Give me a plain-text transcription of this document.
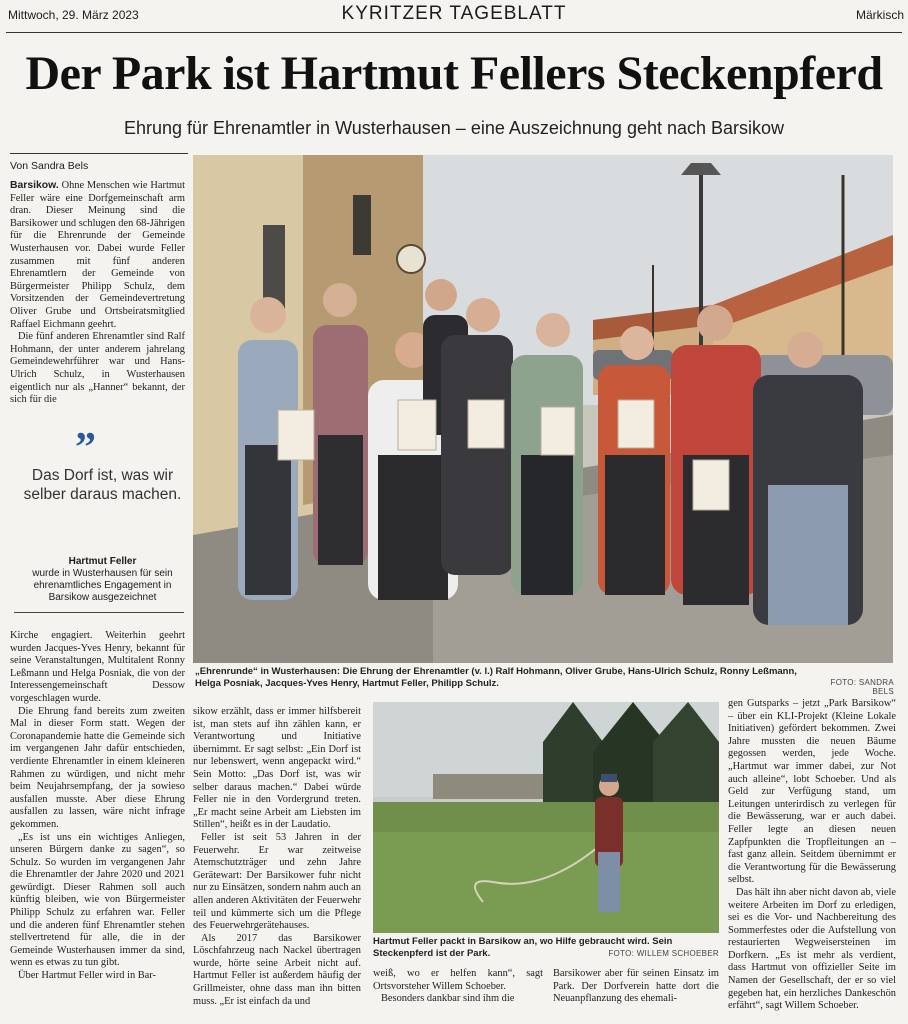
Mittwoch, 29. März 2023	KYRITZER TAGEBLATT	Märkisch
Der Park ist Hartmut Fellers Steckenpferd
Ehrung für Ehrenamtler in Wusterhausen – eine Auszeichnung geht nach Barsikow
Von Sandra Bels

Barsikow. Ohne Menschen wie Hartmut Feller wäre eine Dorfgemeinschaft arm dran. Dieser Meinung sind die Barsikower und schlugen den 68-Jährigen für die Ehrenrunde der Gemeinde Wusterhausen vor. Dabei wurde Feller zusammen mit fünf anderen Ehrenamtlern der Gemeinde von Bürgermeister Philipp Schulz, dem Vorsitzenden der Gemeindevertretung Oliver Grube und Ortsbeiratsmitglied Raffael Eichmann geehrt.

Die fünf anderen Ehrenamtler sind Ralf Hohmann, der unter anderem jahrelang Gemeindewehrführer war und Hans-Ulrich Schulz, in Wusterhausen eigentlich nur als „Hanner“ bekannt, der sich für die

”
Das Dorf ist, was wir selber daraus machen.
Hartmut Feller
wurde in Wusterhausen für sein ehrenamtliches Engagement in Barsikow ausgezeichnet

Kirche engagiert. Weiterhin geehrt wurden Jacques-Yves Henry, bekannt für seine Veranstaltungen, Multitalent Ronny Leßmann und Helga Posniak, die von der Interessengemeinschaft Dessow vorgeschlagen wurde.

Die Ehrung fand bereits zum zweiten Mal in dieser Form statt. Wegen der Coronapandemie hatte die Gemeinde sich im vergangenen Jahr dafür entschieden, verdiente Ehrenamtler in einem kleineren Rahmen zu würdigen, und nicht mehr beim Neujahrsempfang, der ja sowieso ausfallen musste. Aber diese Ehrung ausfallen zu lassen, wäre nicht infrage gekommen.

„Es ist uns ein wichtiges Anliegen, unseren Bürgern danke zu sagen“, so Schulz. So wurden im vergangenen Jahr die Ehrenamtler der Jahre 2020 und 2021 gewürdigt. Dieser Rahmen soll auch künftig bleiben, wie von Bürgermeister Philipp Schulz zu erfahren war. Feller und die anderen fünf Ehrenamtler stehen stellvertretend für alle, die in der Gemeinde Wusterhausen immer da sind, wenn es etwas zu tun gibt.

Über Hartmut Feller wird in Bar-

„Ehrenrunde“ in Wusterhausen: Die Ehrung der Ehrenamtler (v. l.) Ralf Hohmann, Oliver Grube, Hans-Ulrich Schulz, Ronny Leßmann, Helga Posniak, Jacques-Yves Henry, Hartmut Feller, Philipp Schulz.	FOTO: SANDRA BELS

sikow erzählt, dass er immer hilfsbereit ist, man stets auf ihn zählen kann, er Verantwortung und Initiative übernimmt. Er sagt selbst: „Ein Dorf ist nur lebenswert, wenn angepackt wird.“ Sein Motto: „Das Dorf ist, was wir selber daraus machen.“ Dabei würde Feller nie in den Vordergrund treten. „Er macht seine Arbeit am Liebsten im Stillen“, heißt es in der Laudatio.

Feller ist seit 53 Jahren in der Feuerwehr. Er war zeitweise Atemschutzträger und zehn Jahre Gerätewart: Der Barsikower fuhr nicht nur zu Einsätzen, sondern nahm auch an allen anderen Aktivitäten der Feuerwehr teil und kümmerte sich um die Pflege des Feuerwehrgerätehauses.

Als 2017 das Barsikower Löschfahrzeug nach Nackel übertragen wurde, hörte seine Arbeit nicht auf. Hartmut Feller ist außerdem häufig der Grillmeister, ohne dass man ihn bitten muss. „Er ist einfach da und

Hartmut Feller packt in Barsikow an, wo Hilfe gebraucht wird. Sein Steckenpferd ist der Park.	FOTO: WILLEM SCHOEBER

weiß, wo er helfen kann“, sagt Ortsvorsteher Willem Schoeber.

Besonders dankbar sind ihm die

Barsikower aber für seinen Einsatz im Park. Der Dorfverein hatte dort die Neuanpflanzung des ehemali-

gen Gutsparks – jetzt „Park Barsikow“ – über ein KLI-Projekt (Kleine Lokale Initiativen) gefördert bekommen. Zwei Jahre mussten die neuen Bäume gegossen werden, jede Woche. „Hartmut war immer dabei, zur Not auch alleine“, lobt Schoeber. Und als Geld zur Verfügung stand, um Leitungen unterirdisch zu verlegen für die Bewässerung, war er auch dabei. Feller legte an diesen neuen Zapfpunkten die Tropfleitungen an – fast ganz allein. Seitdem übernimmt er die Verantwortung für die Bewässerung selbst.

Das hält ihn aber nicht davon ab, viele weitere Arbeiten im Dorf zu erledigen, sei es die Vor- und Nachbereitung des Sommerfestes oder die Aufstellung von restaurierten Wegweisersteinen im Dorfkern. „Es ist mehr als verdient, dass Hartmut von offizieller Seite im Namen der Gesellschaft, der er so viel gegeben hat, ein herzliches Dankeschön erfährt“, sagt Willem Schoeber.
